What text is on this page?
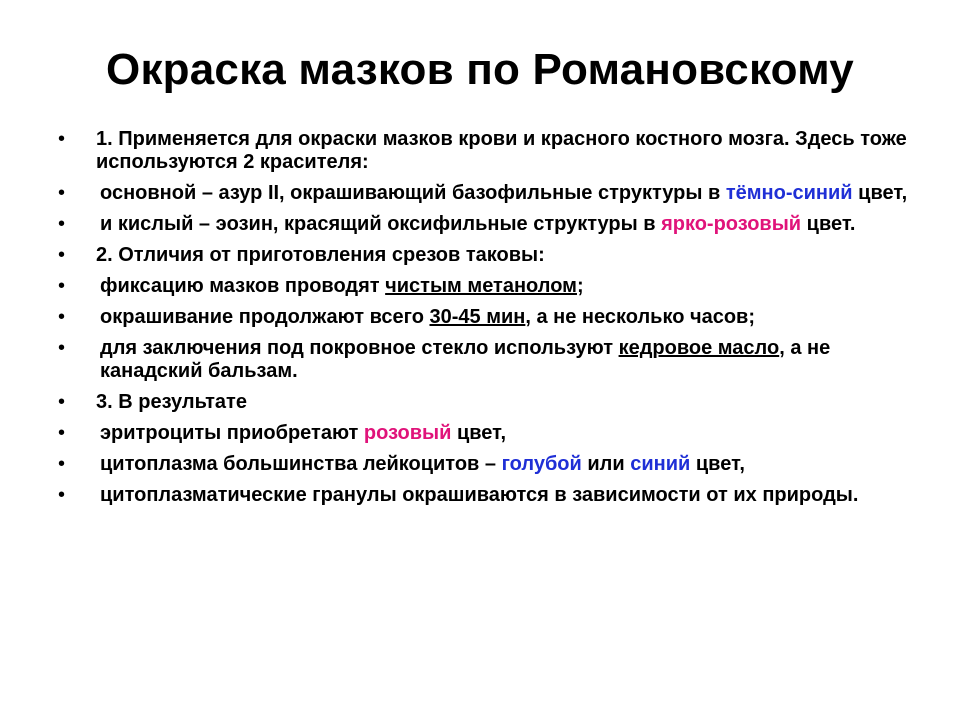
Окраска мазков по Романовскому
• 1. Применяется для окраски мазков крови и красного костного мозга. Здесь тоже используются 2 красителя:
• основной – азур II, окрашивающий базофильные структуры в тёмно-синий цвет,
• и кислый – эозин, красящий оксифильные структуры в ярко-розовый цвет.
• 2. Отличия от приготовления срезов таковы:
• фиксацию мазков проводят чистым метанолом;
• окрашивание продолжают всего 30-45 мин, а не несколько часов;
• для заключения под покровное стекло используют кедровое масло, а не канадский бальзам.
• 3. В результате
• эритроциты приобретают розовый цвет,
• цитоплазма большинства лейкоцитов – голубой или синий цвет,
• цитоплазматические гранулы окрашиваются в зависимости от их природы.
